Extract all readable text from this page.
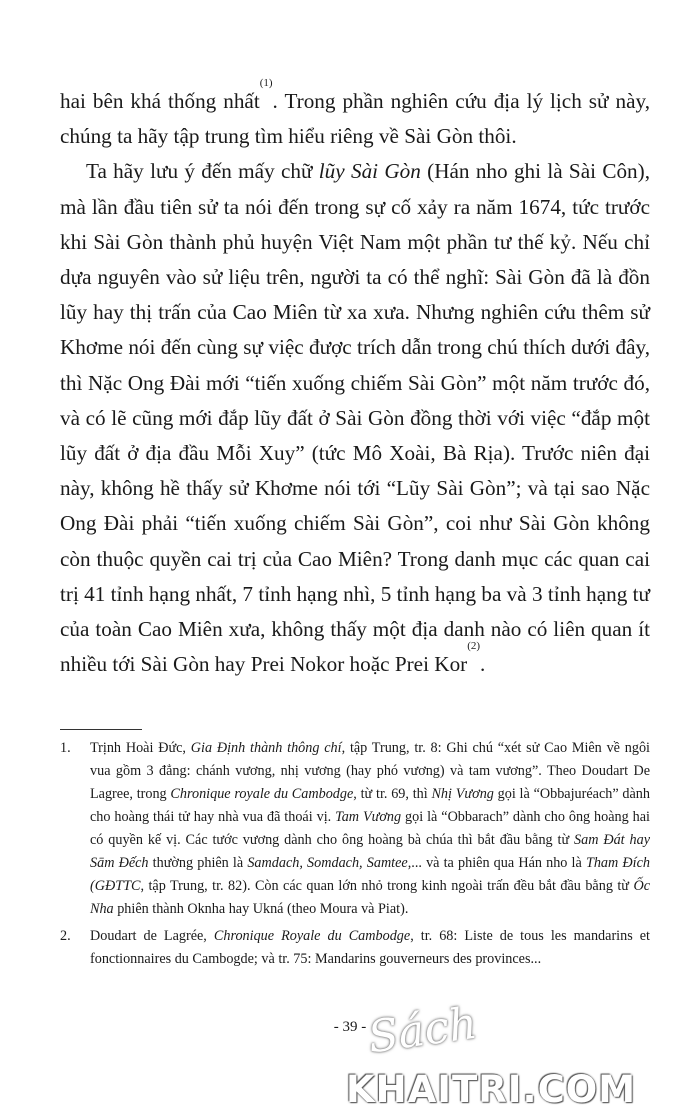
hai bên khá thống nhất$^{(1)}$. Trong phần nghiên cứu địa lý lịch sử này, chúng ta hãy tập trung tìm hiểu riêng về Sài Gòn thôi.

Ta hãy lưu ý đến mấy chữ lũy Sài Gòn (Hán nho ghi là Sài Côn), mà lần đầu tiên sử ta nói đến trong sự cố xảy ra năm 1674, tức trước khi Sài Gòn thành phủ huyện Việt Nam một phần tư thế kỷ. Nếu chỉ dựa nguyên vào sử liệu trên, người ta có thể nghĩ: Sài Gòn đã là đồn lũy hay thị trấn của Cao Miên từ xa xưa. Nhưng nghiên cứu thêm sử Khơme nói đến cùng sự việc được trích dẫn trong chú thích dưới đây, thì Nặc Ong Đài mới “tiến xuống chiếm Sài Gòn” một năm trước đó, và có lẽ cũng mới đắp lũy đất ở Sài Gòn đồng thời với việc “đắp một lũy đất ở địa đầu Mỗi Xuy” (tức Mô Xoài, Bà Rịa). Trước niên đại này, không hề thấy sử Khơme nói tới “Lũy Sài Gòn”; và tại sao Nặc Ong Đài phải “tiến xuống chiếm Sài Gòn”, coi như Sài Gòn không còn thuộc quyền cai trị của Cao Miên? Trong danh mục các quan cai trị 41 tỉnh hạng nhất, 7 tỉnh hạng nhì, 5 tỉnh hạng ba và 3 tỉnh hạng tư của toàn Cao Miên xưa, không thấy một địa danh nào có liên quan ít nhiều tới Sài Gòn hay Prei Nokor hoặc Prei Kor$^{(2)}$.

1.	Trịnh Hoài Đức, Gia Định thành thông chí, tập Trung, tr. 8: Ghi chú “xét sử Cao Miên về ngôi vua gồm 3 đẳng: chánh vương, nhị vương (hay phó vương) và tam vương”. Theo Doudart De Lagree, trong Chronique royale du Cambodge, từ tr. 69, thì Nhị Vương gọi là “Obbajuréach” dành cho hoàng thái tử hay nhà vua đã thoái vị. Tam Vương gọi là “Obbarach” dành cho ông hoàng hai có quyền kế vị. Các tước vương dành cho ông hoàng bà chúa thì bắt đầu bằng từ Sam Đát hay Sām Đếch thường phiên là Samdach, Somdach, Samtee,... và ta phiên qua Hán nho là Tham Đích (GĐTTC, tập Trung, tr. 82). Còn các quan lớn nhỏ trong kinh ngoài trấn đều bắt đầu bằng từ Ốc Nha phiên thành Oknha hay Ukná (theo Moura và Piat).
2.	Doudart de Lagrée, Chronique Royale du Cambodge, tr. 68: Liste de tous les mandarins et fonctionnaires du Cambogde; và tr. 75: Mandarins gouverneurs des provinces...
- 39 -
Sách
KHAITRI.COM
